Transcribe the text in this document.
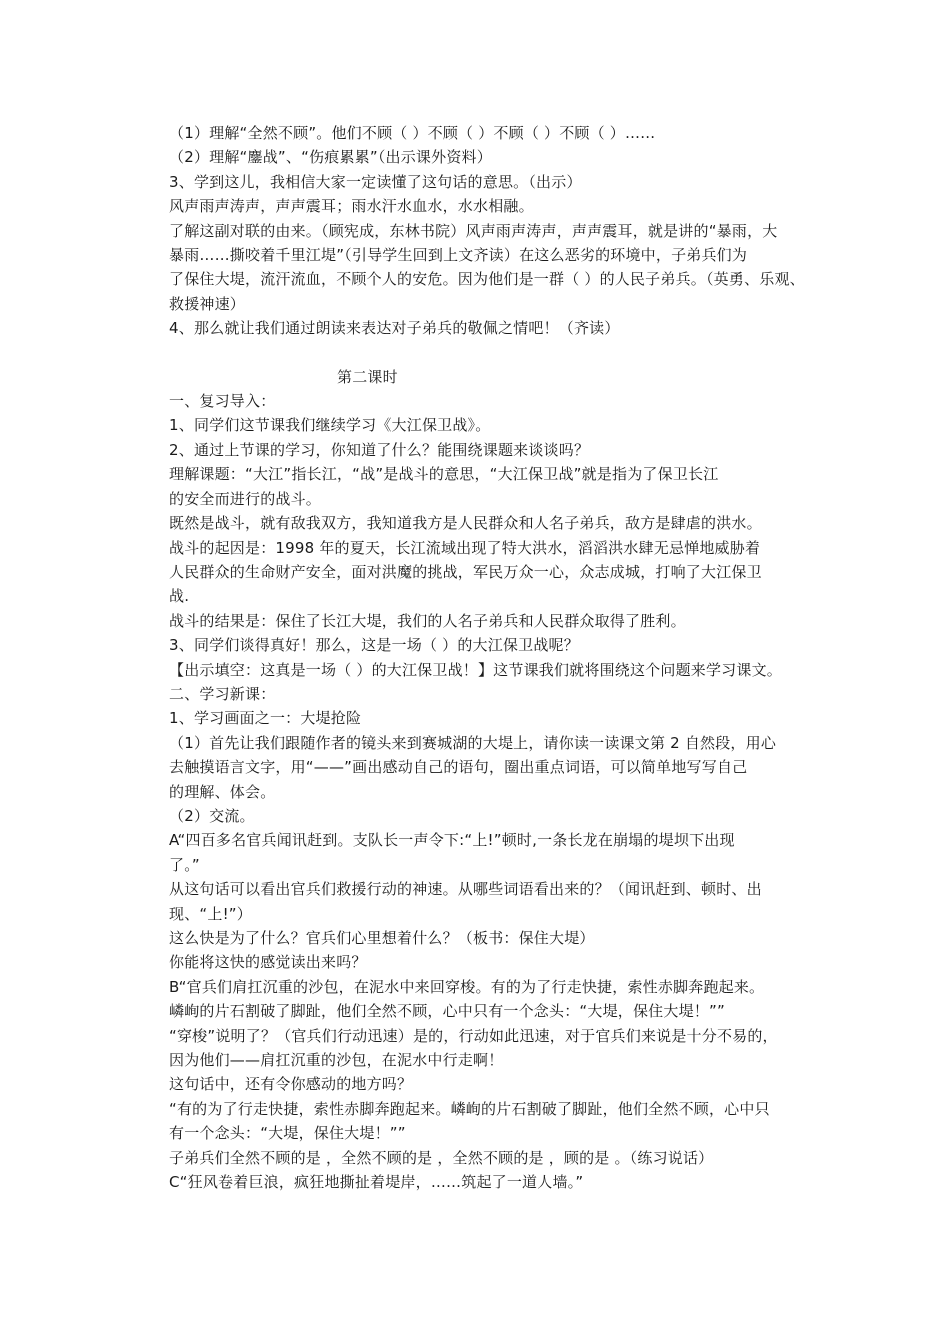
（1）理解“全然不顾”。他们不顾（ ）不顾（ ）不顾（ ）不顾（ ）……
（2）理解“鏖战”、“伤痕累累”（出示课外资料）
3、学到这儿，我相信大家一定读懂了这句话的意思。（出示）
风声雨声涛声，声声震耳；雨水汗水血水，水水相融。
了解这副对联的由来。（顾宪成，东林书院）风声雨声涛声，声声震耳，就是讲的“暴雨，大
暴雨……撕咬着千里江堤”（引导学生回到上文齐读）在这么恶劣的环境中，子弟兵们为
了保住大堤，流汗流血，不顾个人的安危。因为他们是一群（ ）的人民子弟兵。（英勇、乐观、
救援神速）
4、那么就让我们通过朗读来表达对子弟兵的敬佩之情吧！（齐读）
第二课时
一、复习导入：
1、同学们这节课我们继续学习《大江保卫战》。
2、通过上节课的学习，你知道了什么？能围绕课题来谈谈吗？
理解课题：“大江”指长江，“战”是战斗的意思，“大江保卫战”就是指为了保卫长江
的安全而进行的战斗。
既然是战斗，就有敌我双方，我知道我方是人民群众和人名子弟兵，敌方是肆虐的洪水。
战斗的起因是：1998 年的夏天，长江流域出现了特大洪水，滔滔洪水肆无忌惮地威胁着
人民群众的生命财产安全，面对洪魔的挑战，军民万众一心，众志成城，打响了大江保卫
战.
战斗的结果是：保住了长江大堤，我们的人名子弟兵和人民群众取得了胜利。
3、同学们谈得真好！那么，这是一场（ ）的大江保卫战呢？
【出示填空：这真是一场（ ）的大江保卫战！】这节课我们就将围绕这个问题来学习课文。
二、学习新课：
1、学习画面之一：大堤抢险
（1）首先让我们跟随作者的镜头来到赛城湖的大堤上，请你读一读课文第 2 自然段，用心
去触摸语言文字，用“——”画出感动自己的语句，圈出重点词语，可以简单地写写自己
的理解、体会。
（2）交流。
A“四百多名官兵闻讯赶到。支队长一声令下:“上!”顿时,一条长龙在崩塌的堤坝下出现
了。”
从这句话可以看出官兵们救援行动的神速。从哪些词语看出来的？（闻讯赶到、顿时、出
现、“上!”）
这么快是为了什么？官兵们心里想着什么？（板书：保住大堤）
你能将这快的感觉读出来吗？
B“官兵们肩扛沉重的沙包，在泥水中来回穿梭。有的为了行走快捷，索性赤脚奔跑起来。
嶙峋的片石割破了脚趾，他们全然不顾，心中只有一个念头：“大堤，保住大堤！””
“穿梭”说明了？（官兵们行动迅速）是的，行动如此迅速，对于官兵们来说是十分不易的，
因为他们——肩扛沉重的沙包，在泥水中行走啊！
这句话中，还有令你感动的地方吗？
“有的为了行走快捷，索性赤脚奔跑起来。嶙峋的片石割破了脚趾，他们全然不顾，心中只
有一个念头：“大堤，保住大堤！””
子弟兵们全然不顾的是 ，全然不顾的是 ，全然不顾的是 ，顾的是 。（练习说话）
C“狂风卷着巨浪，疯狂地撕扯着堤岸，……筑起了一道人墙。”
